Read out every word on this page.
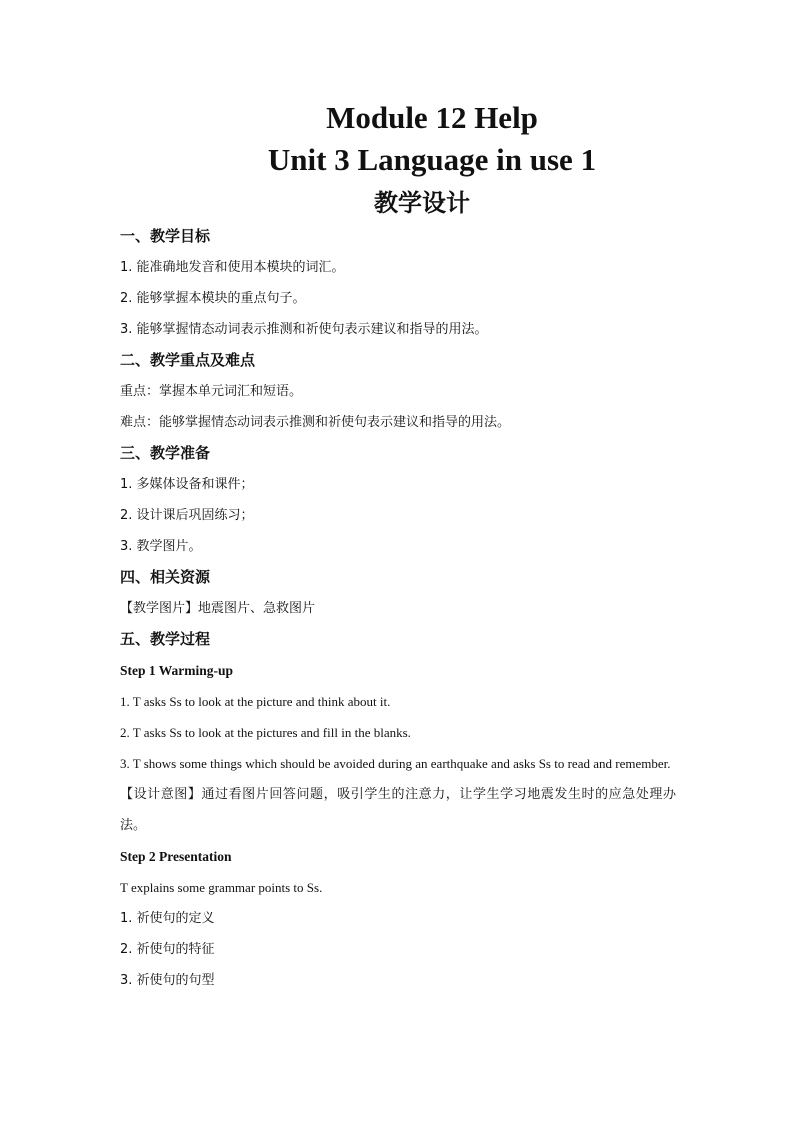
Module 12 Help
Unit 3 Language in use 1
教学设计
一、教学目标
1. 能准确地发音和使用本模块的词汇。
2. 能够掌握本模块的重点句子。
3. 能够掌握情态动词表示推测和祈使句表示建议和指导的用法。
二、教学重点及难点
重点：掌握本单元词汇和短语。
难点：能够掌握情态动词表示推测和祈使句表示建议和指导的用法。
三、教学准备
1. 多媒体设备和课件；
2. 设计课后巩固练习；
3. 教学图片。
四、相关资源
【教学图片】地震图片、急救图片
五、教学过程
Step 1 Warming-up
1. T asks Ss to look at the picture and think about it.
2. T asks Ss to look at the pictures and fill in the blanks.
3. T shows some things which should be avoided during an earthquake and asks Ss to read and remember.
【设计意图】通过看图片回答问题，吸引学生的注意力，让学生学习地震发生时的应急处理办法。
Step 2 Presentation
T explains some grammar points to Ss.
1. 祈使句的定义
2. 祈使句的特征
3. 祈使句的句型
